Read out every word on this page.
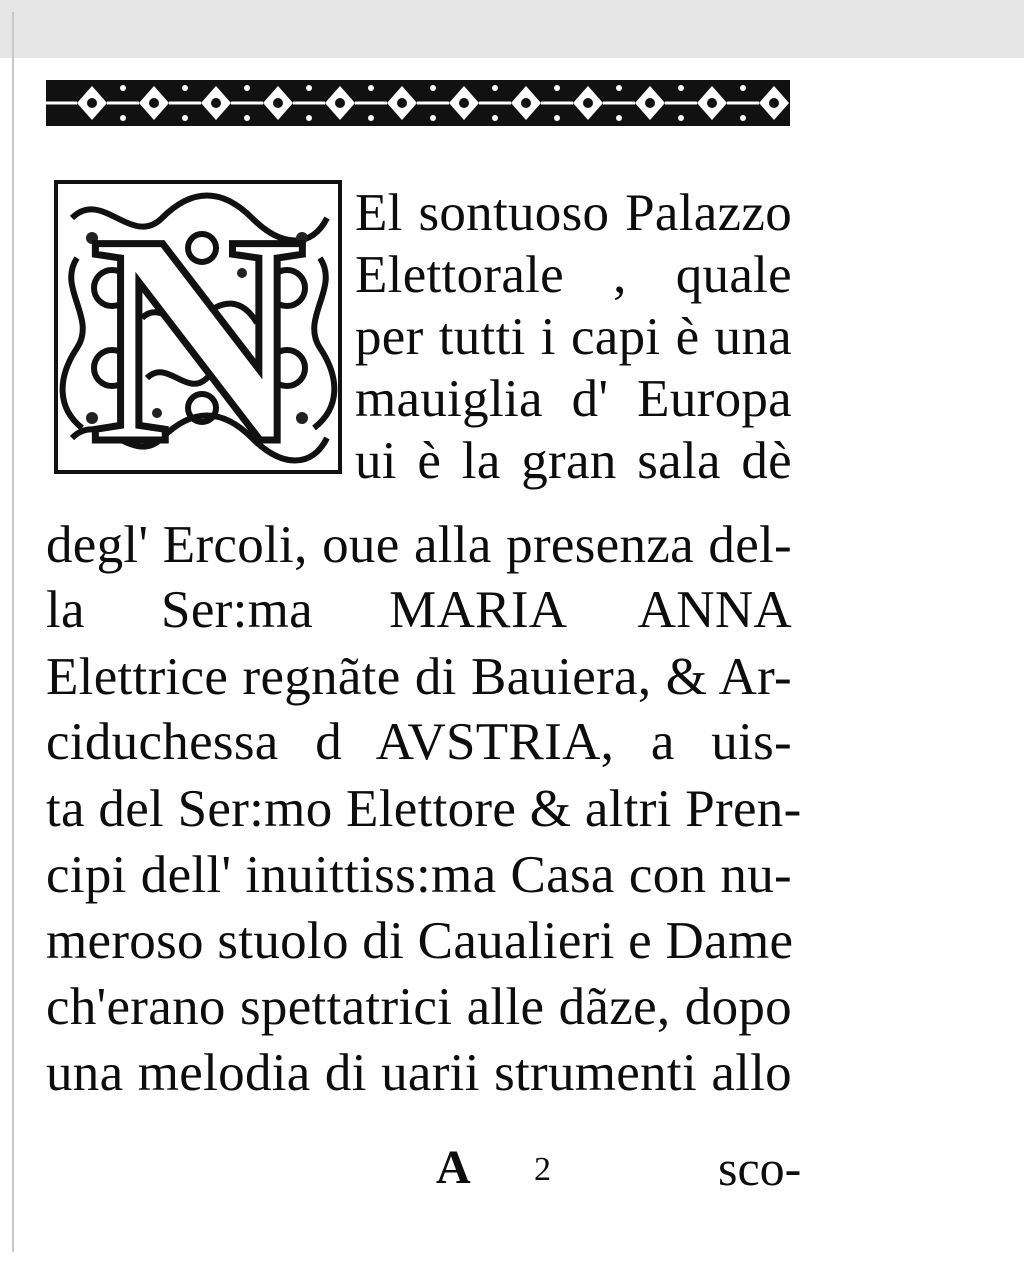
N El sontuoso Palazzo
Elettorale , quale
per tutti i capi è una
mauiglia d' Europa
ui è la gran sala dè
degl' Ercoli, oue alla presenza del-
la Ser:ma MARIA ANNA
Elettrice regnãte di Bauiera, & Ar-
ciduchessa d AVSTRIA, a uis-
ta del Ser:mo Elettore & altri Pren-
cipi dell' inuittiss:ma Casa con nu-
meroso stuolo di Caualieri e Dame
ch'erano spettatrici alle dãze, dopo
una melodia di uarii strumenti allo
A 2	sco-
